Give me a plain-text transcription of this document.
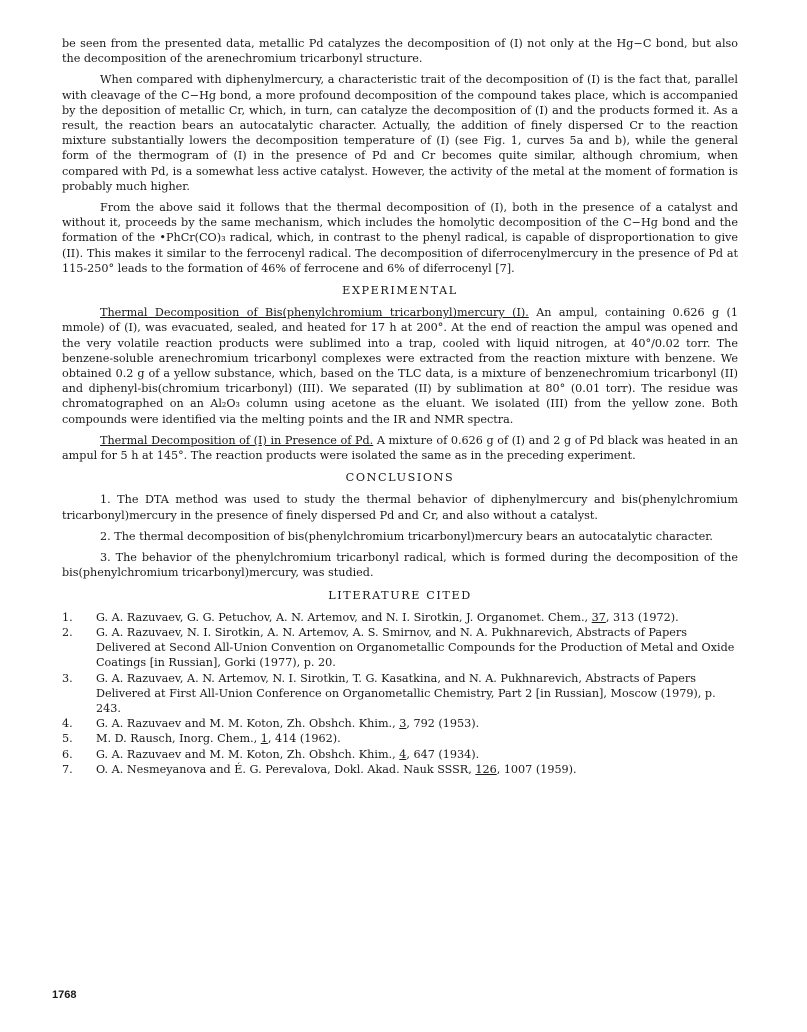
be seen from the presented data, metallic Pd catalyzes the decomposition of (I) not only at the Hg−C bond, but also the decomposition of the arenechromium tricarbonyl structure.

When compared with diphenylmercury, a characteristic trait of the decomposition of (I) is the fact that, parallel with cleavage of the C−Hg bond, a more profound decomposition of the compound takes place, which is accompanied by the deposition of metallic Cr, which, in turn, can catalyze the decomposition of (I) and the products formed it. As a result, the reaction bears an autocatalytic character. Actually, the addition of finely dispersed Cr to the reaction mixture substantially lowers the decomposition temperature of (I) (see Fig. 1, curves 5a and b), while the general form of the thermogram of (I) in the presence of Pd and Cr becomes quite similar, although chromium, when compared with Pd, is a somewhat less active catalyst. However, the activity of the metal at the moment of formation is probably much higher.

From the above said it follows that the thermal decomposition of (I), both in the presence of a catalyst and without it, proceeds by the same mechanism, which includes the homolytic decomposition of the C−Hg bond and the formation of the •PhCr(CO)₃ radical, which, in contrast to the phenyl radical, is capable of disproportionation to give (II). This makes it similar to the ferrocenyl radical. The decomposition of diferrocenylmercury in the presence of Pd at 115-250° leads to the formation of 46% of ferrocene and 6% of diferrocenyl [7].

EXPERIMENTAL

Thermal Decomposition of Bis(phenylchromium tricarbonyl)mercury (I). An ampul, containing 0.626 g (1 mmole) of (I), was evacuated, sealed, and heated for 17 h at 200°. At the end of reaction the ampul was opened and the very volatile reaction products were sublimed into a trap, cooled with liquid nitrogen, at 40°/0.02 torr. The benzene-soluble arenechromium tricarbonyl complexes were extracted from the reaction mixture with benzene. We obtained 0.2 g of a yellow substance, which, based on the TLC data, is a mixture of benzenechromium tricarbonyl (II) and diphenyl-bis(chromium tricarbonyl) (III). We separated (II) by sublimation at 80° (0.01 torr). The residue was chromatographed on an Al₂O₃ column using acetone as the eluant. We isolated (III) from the yellow zone. Both compounds were identified via the melting points and the IR and NMR spectra.

Thermal Decomposition of (I) in Presence of Pd. A mixture of 0.626 g of (I) and 2 g of Pd black was heated in an ampul for 5 h at 145°. The reaction products were isolated the same as in the preceding experiment.

CONCLUSIONS

1. The DTA method was used to study the thermal behavior of diphenylmercury and bis(phenylchromium tricarbonyl)mercury in the presence of finely dispersed Pd and Cr, and also without a catalyst.

2. The thermal decomposition of bis(phenylchromium tricarbonyl)mercury bears an autocatalytic character.

3. The behavior of the phenylchromium tricarbonyl radical, which is formed during the decomposition of the bis(phenylchromium tricarbonyl)mercury, was studied.

LITERATURE CITED
1.	G. A. Razuvaev, G. G. Petuchov, A. N. Artemov, and N. I. Sirotkin, J. Organomet. Chem., 37, 313 (1972).
2.	G. A. Razuvaev, N. I. Sirotkin, A. N. Artemov, A. S. Smirnov, and N. A. Pukhnarevich, Abstracts of Papers Delivered at Second All-Union Convention on Organometallic Compounds for the Production of Metal and Oxide Coatings [in Russian], Gorki (1977), p. 20.
3.	G. A. Razuvaev, A. N. Artemov, N. I. Sirotkin, T. G. Kasatkina, and N. A. Pukhnarevich, Abstracts of Papers Delivered at First All-Union Conference on Organometallic Chemistry, Part 2 [in Russian], Moscow (1979), p. 243.
4.	G. A. Razuvaev and M. M. Koton, Zh. Obshch. Khim., 3, 792 (1953).
5.	M. D. Rausch, Inorg. Chem., 1, 414 (1962).
6.	G. A. Razuvaev and M. M. Koton, Zh. Obshch. Khim., 4, 647 (1934).
7.	O. A. Nesmeyanova and É. G. Perevalova, Dokl. Akad. Nauk SSSR, 126, 1007 (1959).
1768
